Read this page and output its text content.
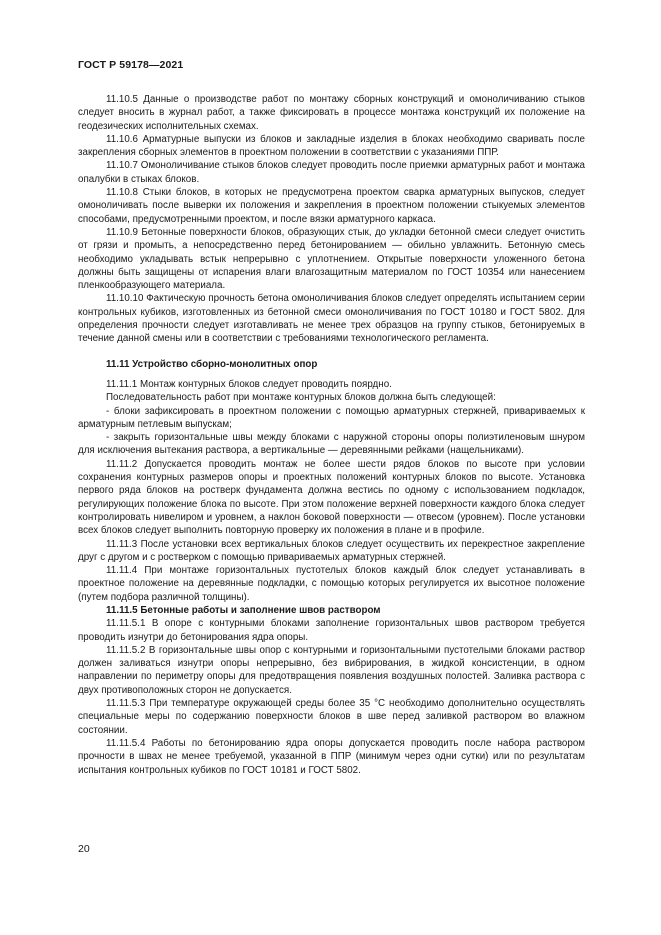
ГОСТ Р 59178—2021

11.10.5 Данные о производстве работ по монтажу сборных конструкций и омоноличиванию стыков следует вносить в журнал работ, а также фиксировать в процессе монтажа конструкций их положение на геодезических исполнительных схемах.

11.10.6 Арматурные выпуски из блоков и закладные изделия в блоках необходимо сваривать после закрепления сборных элементов в проектном положении в соответствии с указаниями ППР.

11.10.7 Омоноличивание стыков блоков следует проводить после приемки арматурных работ и монтажа опалубки в стыках блоков.

11.10.8 Стыки блоков, в которых не предусмотрена проектом сварка арматурных выпусков, следует омоноличивать после выверки их положения и закрепления в проектном положении стыкуемых элементов способами, предусмотренными проектом, и после вязки арматурного каркаса.

11.10.9 Бетонные поверхности блоков, образующих стык, до укладки бетонной смеси следует очистить от грязи и промыть, а непосредственно перед бетонированием — обильно увлажнить. Бетонную смесь необходимо укладывать встык непрерывно с уплотнением. Открытые поверхности уложенного бетона должны быть защищены от испарения влаги влагозащитным материалом по ГОСТ 10354 или нанесением пленкообразующего материала.

11.10.10 Фактическую прочность бетона омоноличивания блоков следует определять испытанием серии контрольных кубиков, изготовленных из бетонной смеси омоноличивания по ГОСТ 10180 и ГОСТ 5802. Для определения прочности следует изготавливать не менее трех образцов на группу стыков, бетонируемых в течение данной смены или в соответствии с требованиями технологического регламента.

11.11 Устройство сборно-монолитных опор

11.11.1 Монтаж контурных блоков следует проводить поярдно.

Последовательность работ при монтаже контурных блоков должна быть следующей:

- блоки зафиксировать в проектном положении с помощью арматурных стержней, привариваемых к арматурным петлевым выпускам;

- закрыть горизонтальные швы между блоками с наружной стороны опоры полиэтиленовым шнуром для исключения вытекания раствора, а вертикальные — деревянными рейками (нащельниками).

11.11.2 Допускается проводить монтаж не более шести рядов блоков по высоте при условии сохранения контурных размеров опоры и проектных положений контурных блоков по высоте. Установка первого ряда блоков на ростверк фундамента должна вестись по одному с использованием подкладок, регулирующих положение блока по высоте. При этом положение верхней поверхности каждого блока следует контролировать нивелиром и уровнем, а наклон боковой поверхности — отвесом (уровнем). После установки всех блоков следует выполнить повторную проверку их положения в плане и в профиле.

11.11.3 После установки всех вертикальных блоков следует осуществить их перекрестное закрепление друг с другом и с ростверком с помощью привариваемых арматурных стержней.

11.11.4 При монтаже горизонтальных пустотелых блоков каждый блок следует устанавливать в проектное положение на деревянные подкладки, с помощью которых регулируется их высотное положение (путем подбора различной толщины).

11.11.5 Бетонные работы и заполнение швов раствором

11.11.5.1 В опоре с контурными блоками заполнение горизонтальных швов раствором требуется проводить изнутри до бетонирования ядра опоры.

11.11.5.2 В горизонтальные швы опор с контурными и горизонтальными пустотелыми блоками раствор должен заливаться изнутри опоры непрерывно, без вибрирования, в жидкой консистенции, в одном направлении по периметру опоры для предотвращения появления воздушных полостей. Заливка раствора с двух противоположных сторон не допускается.

11.11.5.3 При температуре окружающей среды более 35 °С необходимо дополнительно осуществлять специальные меры по содержанию поверхности блоков в шве перед заливкой раствором во влажном состоянии.

11.11.5.4 Работы по бетонированию ядра опоры допускается проводить после набора раствором прочности в швах не менее требуемой, указанной в ППР (минимум через одни сутки) или по результатам испытания контрольных кубиков по ГОСТ 10181 и ГОСТ 5802.

20
